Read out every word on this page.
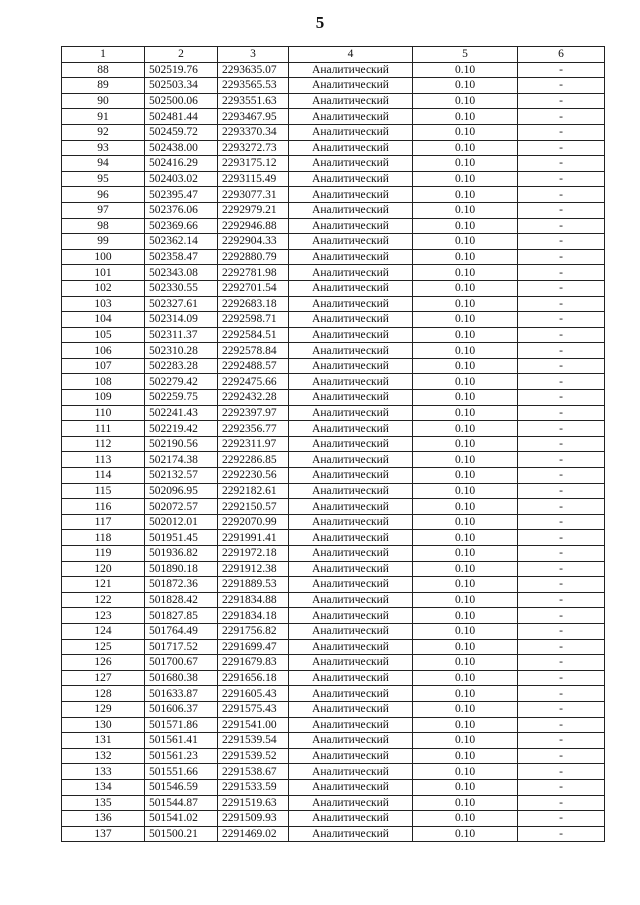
5
1	2	3	4	5	6
88	502519.76	2293635.07	Аналитический	0.10	-
89	502503.34	2293565.53	Аналитический	0.10	-
90	502500.06	2293551.63	Аналитический	0.10	-
91	502481.44	2293467.95	Аналитический	0.10	-
92	502459.72	2293370.34	Аналитический	0.10	-
93	502438.00	2293272.73	Аналитический	0.10	-
94	502416.29	2293175.12	Аналитический	0.10	-
95	502403.02	2293115.49	Аналитический	0.10	-
96	502395.47	2293077.31	Аналитический	0.10	-
97	502376.06	2292979.21	Аналитический	0.10	-
98	502369.66	2292946.88	Аналитический	0.10	-
99	502362.14	2292904.33	Аналитический	0.10	-
100	502358.47	2292880.79	Аналитический	0.10	-
101	502343.08	2292781.98	Аналитический	0.10	-
102	502330.55	2292701.54	Аналитический	0.10	-
103	502327.61	2292683.18	Аналитический	0.10	-
104	502314.09	2292598.71	Аналитический	0.10	-
105	502311.37	2292584.51	Аналитический	0.10	-
106	502310.28	2292578.84	Аналитический	0.10	-
107	502283.28	2292488.57	Аналитический	0.10	-
108	502279.42	2292475.66	Аналитический	0.10	-
109	502259.75	2292432.28	Аналитический	0.10	-
110	502241.43	2292397.97	Аналитический	0.10	-
111	502219.42	2292356.77	Аналитический	0.10	-
112	502190.56	2292311.97	Аналитический	0.10	-
113	502174.38	2292286.85	Аналитический	0.10	-
114	502132.57	2292230.56	Аналитический	0.10	-
115	502096.95	2292182.61	Аналитический	0.10	-
116	502072.57	2292150.57	Аналитический	0.10	-
117	502012.01	2292070.99	Аналитический	0.10	-
118	501951.45	2291991.41	Аналитический	0.10	-
119	501936.82	2291972.18	Аналитический	0.10	-
120	501890.18	2291912.38	Аналитический	0.10	-
121	501872.36	2291889.53	Аналитический	0.10	-
122	501828.42	2291834.88	Аналитический	0.10	-
123	501827.85	2291834.18	Аналитический	0.10	-
124	501764.49	2291756.82	Аналитический	0.10	-
125	501717.52	2291699.47	Аналитический	0.10	-
126	501700.67	2291679.83	Аналитический	0.10	-
127	501680.38	2291656.18	Аналитический	0.10	-
128	501633.87	2291605.43	Аналитический	0.10	-
129	501606.37	2291575.43	Аналитический	0.10	-
130	501571.86	2291541.00	Аналитический	0.10	-
131	501561.41	2291539.54	Аналитический	0.10	-
132	501561.23	2291539.52	Аналитический	0.10	-
133	501551.66	2291538.67	Аналитический	0.10	-
134	501546.59	2291533.59	Аналитический	0.10	-
135	501544.87	2291519.63	Аналитический	0.10	-
136	501541.02	2291509.93	Аналитический	0.10	-
137	501500.21	2291469.02	Аналитический	0.10	-
